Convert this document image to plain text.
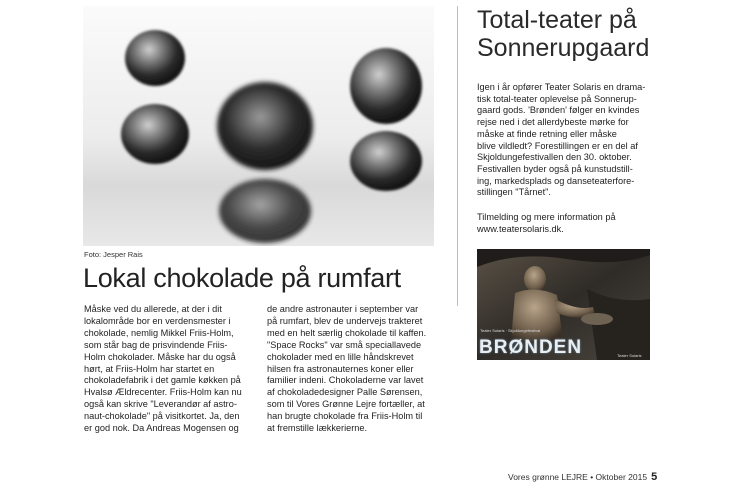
Foto: Jesper Rais
Lokal chokolade på rumfart

Måske ved du allerede, at der i dit

lokalområde bor en verdensmester i

chokolade, nemlig Mikkel Friis-Holm,

som står bag de prisvindende Friis-

Holm chokolader. Måske har du også

hørt, at Friis-Holm har startet en

chokoladefabrik i det gamle køkken på

Hvalsø Ældrecenter. Friis-Holm kan nu

også kan skrive "Leverandør af astro-

naut-chokolade" på visitkortet. Ja, den

er god nok. Da Andreas Mogensen og

de andre astronauter i september var

på rumfart, blev de undervejs trakteret

med en helt særlig chokolade til kaffen.

"Space Rocks" var små speciallavede

chokolader med en lille håndskrevet

hilsen fra astronauternes koner eller

familier indeni. Chokoladerne var lavet

af chokoladedesigner Palle Sørensen,

som til Vores Grønne Lejre fortæller, at

han brugte chokolade fra Friis-Holm til

at fremstille lækkerierne.

Total-teater på
Sonnerupgaard

Igen i år opfører Teater Solaris en drama-

tisk total-teater oplevelse på Sonnerup-

gaard gods. 'Brønden' følger en kvindes

rejse ned i det allerdybeste mørke for

måske at finde retning eller måske

blive vildledt? Forestillingen er en del af

Skjoldungefestivallen den 30. oktober.

Festivallen byder også på kunstudstill-

ing, markedsplads og danseteaterfore-

stillingen "Tårnet".

Tilmelding og mere information på

www.teatersolaris.dk.

Teater Solaris · Skjoldungefestival
BRØNDEN	Teater Solaris
Vores grønne LEJRE • Oktober 2015 5
